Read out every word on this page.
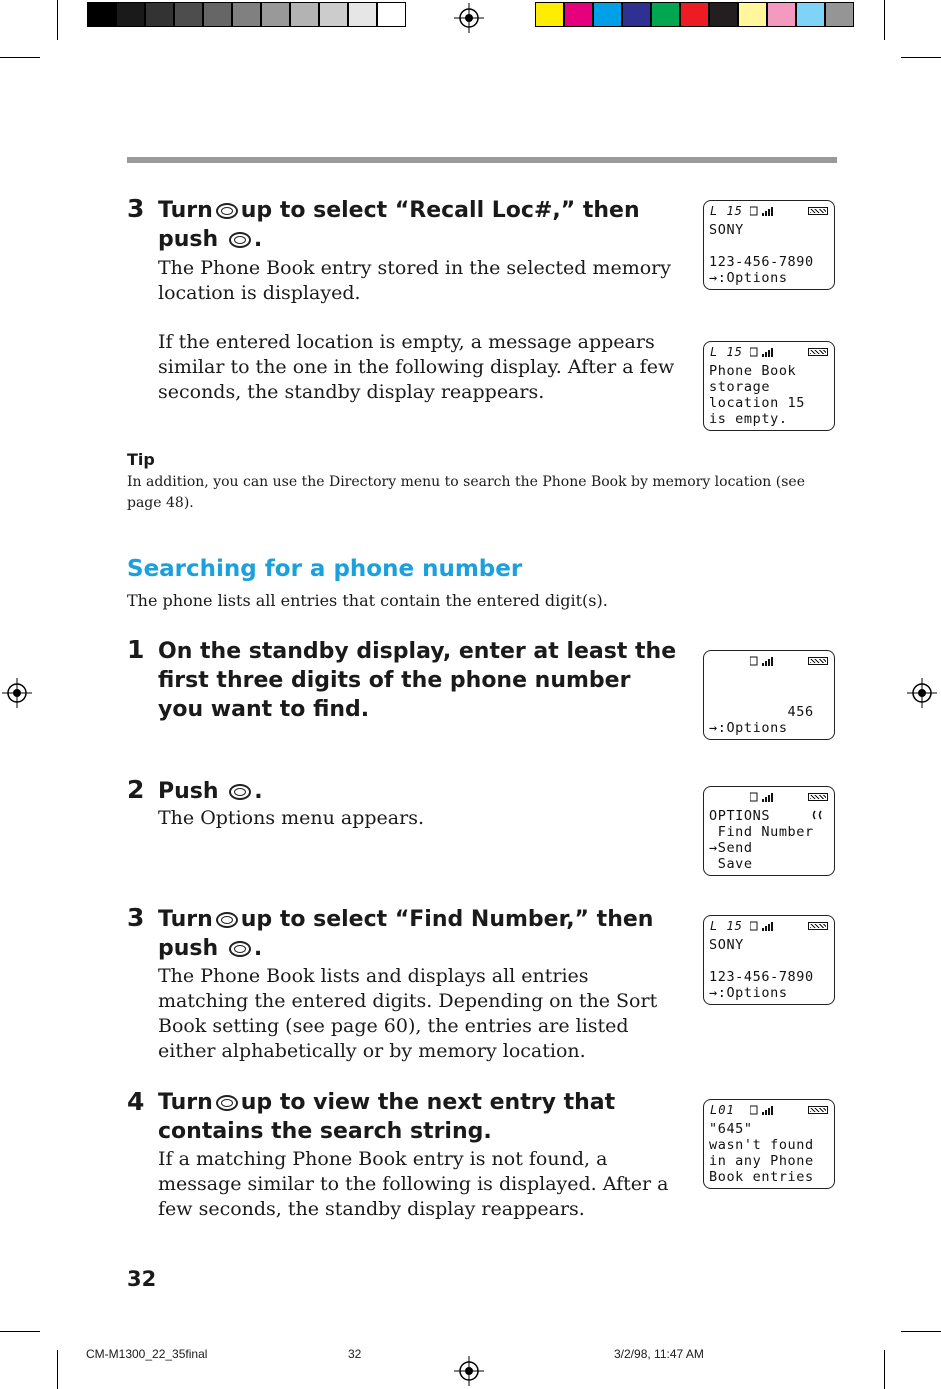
3 Turn up to select “Recall Loc#,” then
push .
The Phone Book entry stored in the selected memory location is displayed.
If the entered location is empty, a message appears similar to the one in the following display. After a few seconds, the standby display reappears.
L 15
SONY
123-456-7890
→:Options
L 15
Phone Book
storage
location 15
is empty.
Tip
In addition, you can use the Directory menu to search the Phone Book by memory location (see page 48).
Searching for a phone number
The phone lists all entries that contain the entered digit(s).
1 On the standby display, enter at least the first three digits of the phone number you want to find.	456
→:Options
2 Push .
The Options menu appears.	OPTIONS
Find Number
→Send
Save
3 Turn up to select “Find Number,” then
push .
The Phone Book lists and displays all entries matching the entered digits. Depending on the Sort Book setting (see page 60), the entries are listed either alphabetically or by memory location.
L 15
SONY
123-456-7890
→:Options
4 Turn up to view the next entry that contains the search string.
If a matching Phone Book entry is not found, a message similar to the following is displayed. After a few seconds, the standby display reappears.
L01
"645"
wasn't found
in any Phone
Book entries
32
CM-M1300_22_35final	32	3/2/98, 11:47 AM
